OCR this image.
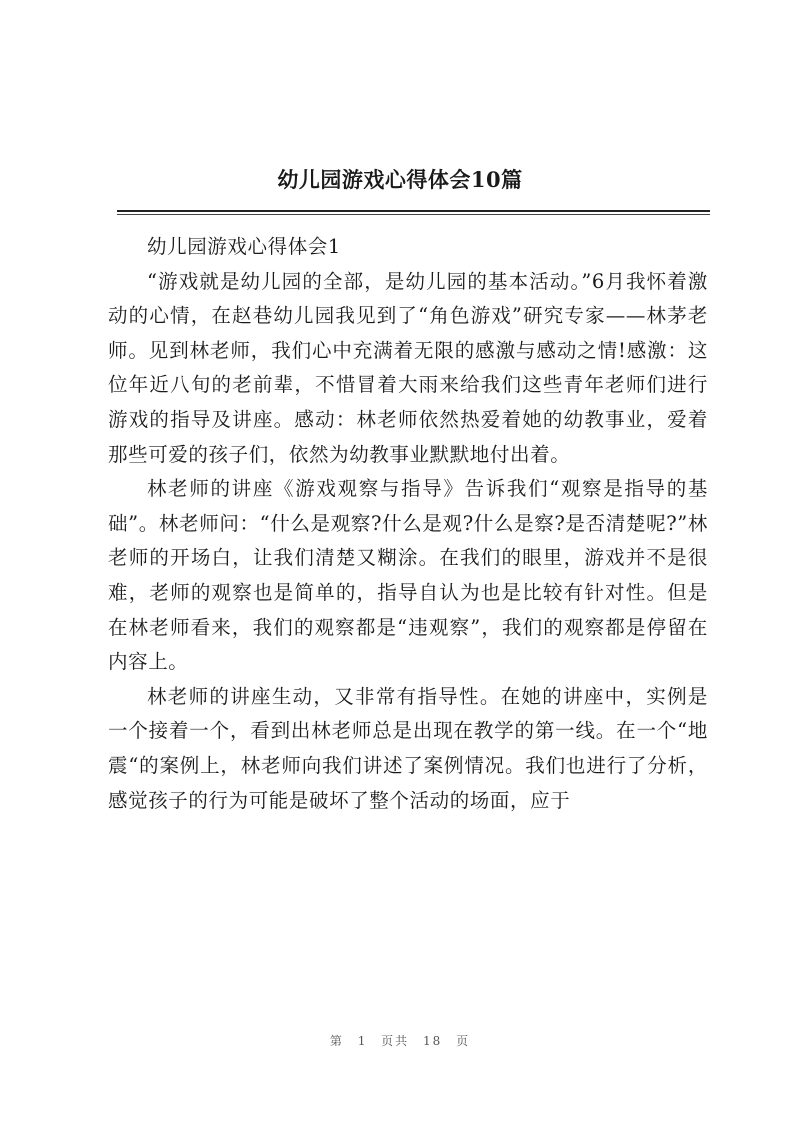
幼儿园游戏心得体会10篇

幼儿园游戏心得体会1

“游戏就是幼儿园的全部，是幼儿园的基本活动。”6月我怀着激动的心情，在赵巷幼儿园我见到了“角色游戏”研究专家——林茅老师。见到林老师，我们心中充满着无限的感激与感动之情!感激：这位年近八旬的老前辈，不惜冒着大雨来给我们这些青年老师们进行游戏的指导及讲座。感动：林老师依然热爱着她的幼教事业，爱着那些可爱的孩子们，依然为幼教事业默默地付出着。

林老师的讲座《游戏观察与指导》告诉我们“观察是指导的基础”。林老师问：“什么是观察?什么是观?什么是察?是否清楚呢?”林老师的开场白，让我们清楚又糊涂。在我们的眼里，游戏并不是很难，老师的观察也是简单的，指导自认为也是比较有针对性。但是在林老师看来，我们的观察都是“违观察”，我们的观察都是停留在内容上。

林老师的讲座生动，又非常有指导性。在她的讲座中，实例是一个接着一个，看到出林老师总是出现在教学的第一线。在一个“地震“的案例上，林老师向我们讲述了案例情况。我们也进行了分析，感觉孩子的行为可能是破坏了整个活动的场面，应于

第 1 页共 18 页
